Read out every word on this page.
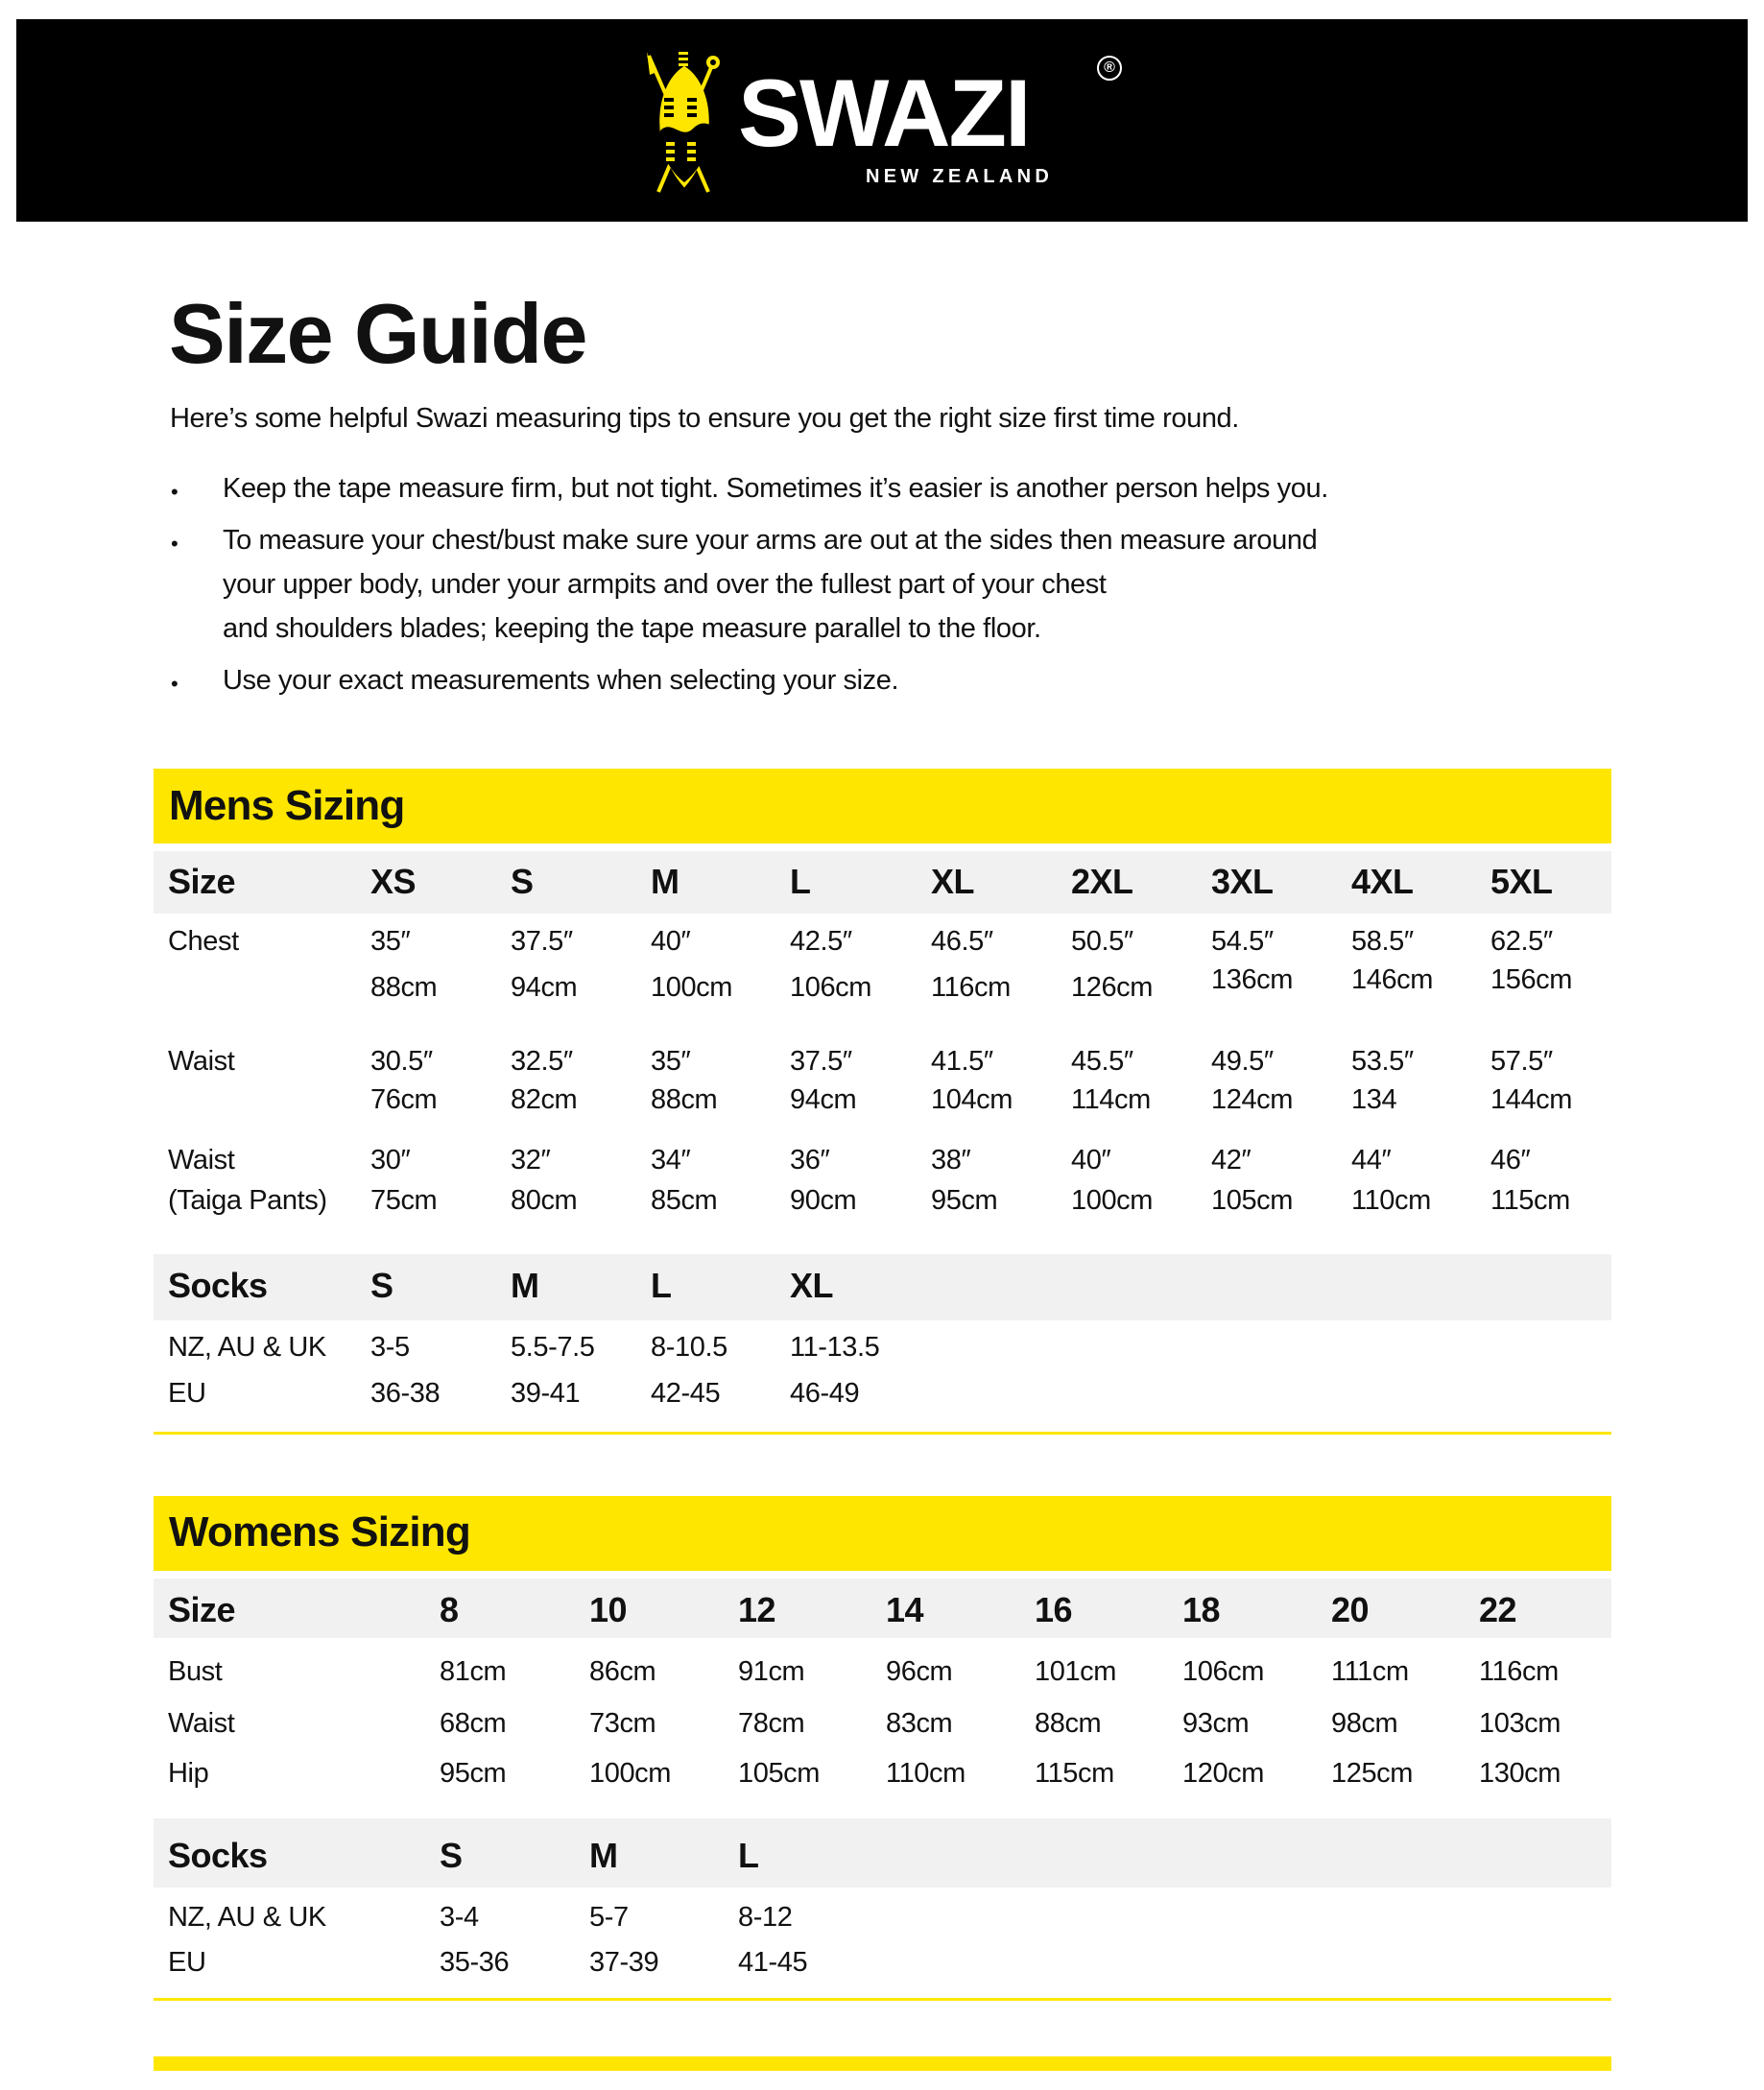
SWAZI	®
NEW ZEALAND
Size Guide
Here’s some helpful Swazi measuring tips to ensure you get the right size first time round.
• Keep the tape measure firm, but not tight. Sometimes it’s easier is another person helps you.
• To measure your chest/bust make sure your arms are out at the sides then measure around
your upper body, under your armpits and over the fullest part of your chest
and shoulders blades; keeping the tape measure parallel to the floor.
• Use your exact measurements when selecting your size.
Mens Sizing
Size	XS	S	M	L	XL	2XL 3XL 4XL 5XL
Chest	35″	37.5″	40″	42.5″	46.5″	50.5″	54.5″	58.5″	62.5″
88cm	94cm	100cm 106cm 116cm 126cm 136cm 146cm 156cm
Waist	30.5″	32.5″	35″	37.5″	41.5″	45.5″	49.5″	53.5″	57.5″
76cm	82cm	88cm	94cm	104cm 114cm 124cm 134	144cm
Waist
(Taiga Pants)
30″	32″	34″	36″	38″	40″	42″	44″	46″
75cm	80cm	85cm	90cm	95cm	100cm 105cm 110cm 115cm
Socks	S	M	L	XL
NZ, AU & UK 3-5	5.5-7.5 8-10.5 11-13.5
EU	36-38	39-41	42-45	46-49
Womens Sizing
Size	8	10	12	14	16	18	20	22
Bust	81cm	86cm	91cm	96cm	101cm 106cm 111cm	116cm
Waist	68cm	73cm	78cm	83cm	88cm	93cm	98cm	103cm
Hip	95cm	100cm 105cm 110cm 115cm 120cm 125cm 130cm
Socks	S	M	L
NZ, AU & UK	3-4	5-7	8-12
EU	35-36	37-39	41-45
